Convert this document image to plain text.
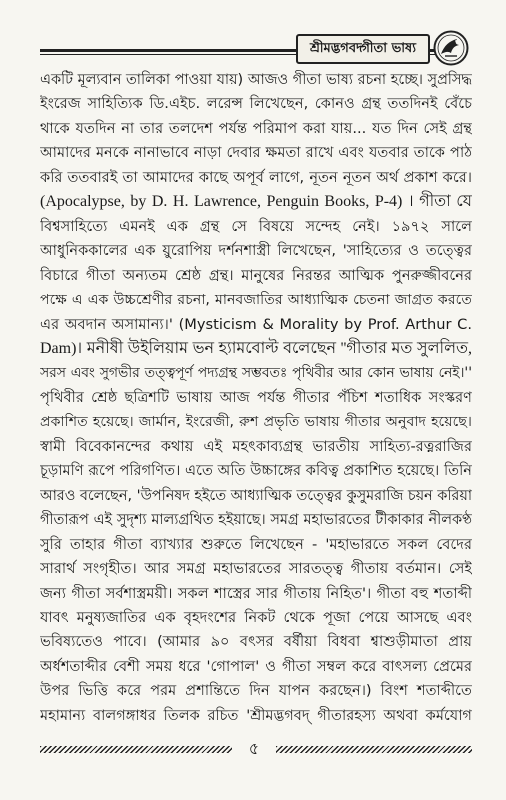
শ্রীমদ্ভগবদ্গীতা ভাষ্য
একটি মূল্যবান তালিকা পাওয়া যায়) আজও গীতা ভাষ্য রচনা হচ্ছে। সুপ্রসিদ্ধ
ইংরেজ সাহিত্যিক ডি.এইচ. লরেন্স লিখেছেন, কোনও গ্রন্থ ততদিনই বেঁচে
থাকে যতদিন না তার তলদেশ পর্যন্ত পরিমাপ করা যায়... যত দিন সেই গ্রন্থ
আমাদের মনকে নানাভাবে নাড়া দেবার ক্ষমতা রাখে এবং যতবার তাকে পাঠ
করি ততবারই তা আমাদের কাছে অপূর্ব লাগে, নূতন নূতন অর্থ প্রকাশ করে।
(Apocalypse, by D. H. Lawrence, Penguin Books, P-4) । গীতা যে
বিশ্বসাহিত্যে এমনই এক গ্রন্থ সে বিষয়ে সন্দেহ নেই। ১৯৭২ সালে
আধুনিককালের এক য়ুরোপিয় দর্শনশাস্ত্রী লিখেছেন, 'সাহিত্যের ও তত্ত্বের
বিচারে গীতা অন্যতম শ্রেষ্ঠ গ্রন্থ। মানুষের নিরন্তর আত্মিক পুনরুজ্জীবনের
পক্ষে এ এক উচ্চশ্রেণীর রচনা, মানবজাতির আধ্যাত্মিক চেতনা জাগ্রত করতে
এর অবদান অসামান্য।' (Mysticism & Morality by Prof. Arthur C.
Dam)। মনীষী উইলিয়াম ভন হ্যামবোল্ট বলেছেন ''গীতার মত সুললিত,
সরস এবং সুগভীর তত্ত্বপূর্ণ পদ্যগ্রন্থ সম্ভবতঃ পৃথিবীর আর কোন ভাষায় নেই।''
পৃথিবীর শ্রেষ্ঠ ছত্রিশটি ভাষায় আজ পর্যন্ত গীতার পঁচিশ শতাধিক সংস্করণ
প্রকাশিত হয়েছে। জার্মান, ইংরেজী, রুশ প্রভৃতি ভাষায় গীতার অনুবাদ হয়েছে।
স্বামী বিবেকানন্দের কথায় এই মহৎকাব্যগ্রন্থ ভারতীয় সাহিত্য-রত্নরাজির
চূড়ামণি রূপে পরিগণিত। এতে অতি উচ্চাঙ্গের কবিত্ব প্রকাশিত হয়েছে। তিনি
আরও বলেছেন, 'উপনিষদ হইতে আধ্যাত্মিক তত্ত্বের কুসুমরাজি চয়ন করিয়া
গীতারূপ এই সুদৃশ্য মাল্যগ্রথিত হইয়াছে। সমগ্র মহাভারতের টীকাকার নীলকণ্ঠ
সুরি তাহার গীতা ব্যাখ্যার শুরুতে লিখেছেন - 'মহাভারতে সকল বেদের
সারার্থ সংগৃহীত। আর সমগ্র মহাভারতের সারতত্ত্ব গীতায় বর্তমান। সেই
জন্য গীতা সর্বশাস্ত্রময়ী। সকল শাস্ত্রের সার গীতায় নিহিত'। গীতা বহু শতাব্দী
যাবৎ মনুষ্যজাতির এক বৃহদংশের নিকট থেকে পূজা পেয়ে আসছে এবং
ভবিষ্যতেও পাবে। (আমার ৯০ বৎসর বর্ষীয়া বিধবা শ্বাশুড়ীমাতা প্রায়
অর্ধশতাব্দীর বেশী সময় ধরে 'গোপাল' ও গীতা সম্বল করে বাৎসল্য প্রেমের
উপর ভিত্তি করে পরম প্রশান্তিতে দিন যাপন করছেন।) বিংশ শতাব্দীতে
মহামান্য বালগঙ্গাধর তিলক রচিত 'শ্রীমদ্ভগবদ্ গীতারহস্য অথবা কর্মযোগ
৫
